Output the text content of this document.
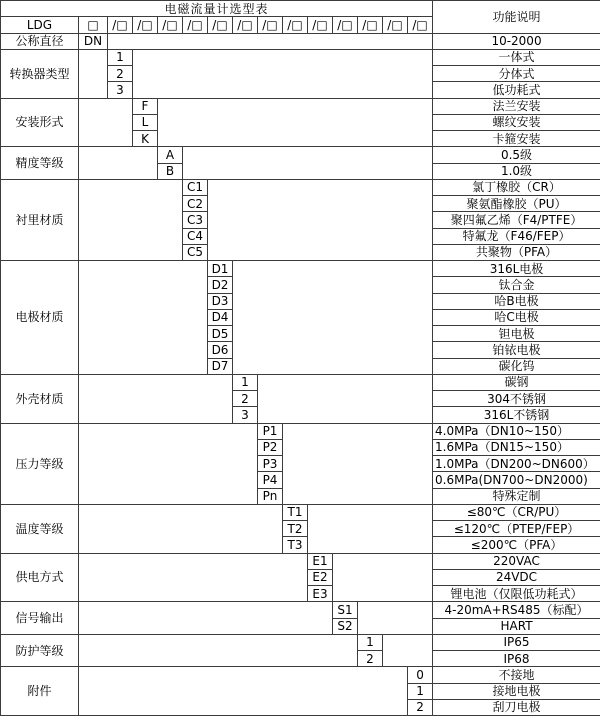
电磁流量计选型表															功能说明
LDG	□	/□	/□	/□	/□	/□	/□	/□	/□	/□	/□	/□	/□	/□	
公称直径	DN														10-2000
转换器类型		1													一体式
		2													分体式
		3													低功耗式
安装形式			F												法兰安装
			L												螺纹安装
			K												卡箍安装
精度等级				A											0.5级
				B											1.0级
衬里材质					C1										氯丁橡胶（CR）
					C2										聚氨酯橡胶（PU）
					C3										聚四氟乙烯（F4/PTFE）
					C4										特氟龙（F46/FEP）
					C5										共聚物（PFA）
电极材质						D1									316L电极
						D2									钛合金
						D3									哈B电极
						D4									哈C电极
						D5									钽电极
						D6									铂铱电极
						D7									碳化钨
外壳材质							1								碳钢
							2								304不锈钢
							3								316L不锈钢
压力等级								P1							4.0MPa（DN10~150）
								P2							1.6MPa（DN15~150）
								P3							1.0MPa（DN200~DN600）
								P4							0.6MPa(DN700~DN2000)
								Pn							特殊定制
温度等级									T1						≤80℃（CR/PU）
									T2						≤120℃（PTEP/FEP）
									T3						≤200℃（PFA）
供电方式										E1					220VAC
										E2					24VDC
										E3					锂电池（仅限低功耗式）
信号输出											S1				4-20mA+RS485（标配）
											S2				HART
防护等级												1			IP65
												2			IP68
附件														0	不接地
														1	接地电极
														2	刮刀电极
